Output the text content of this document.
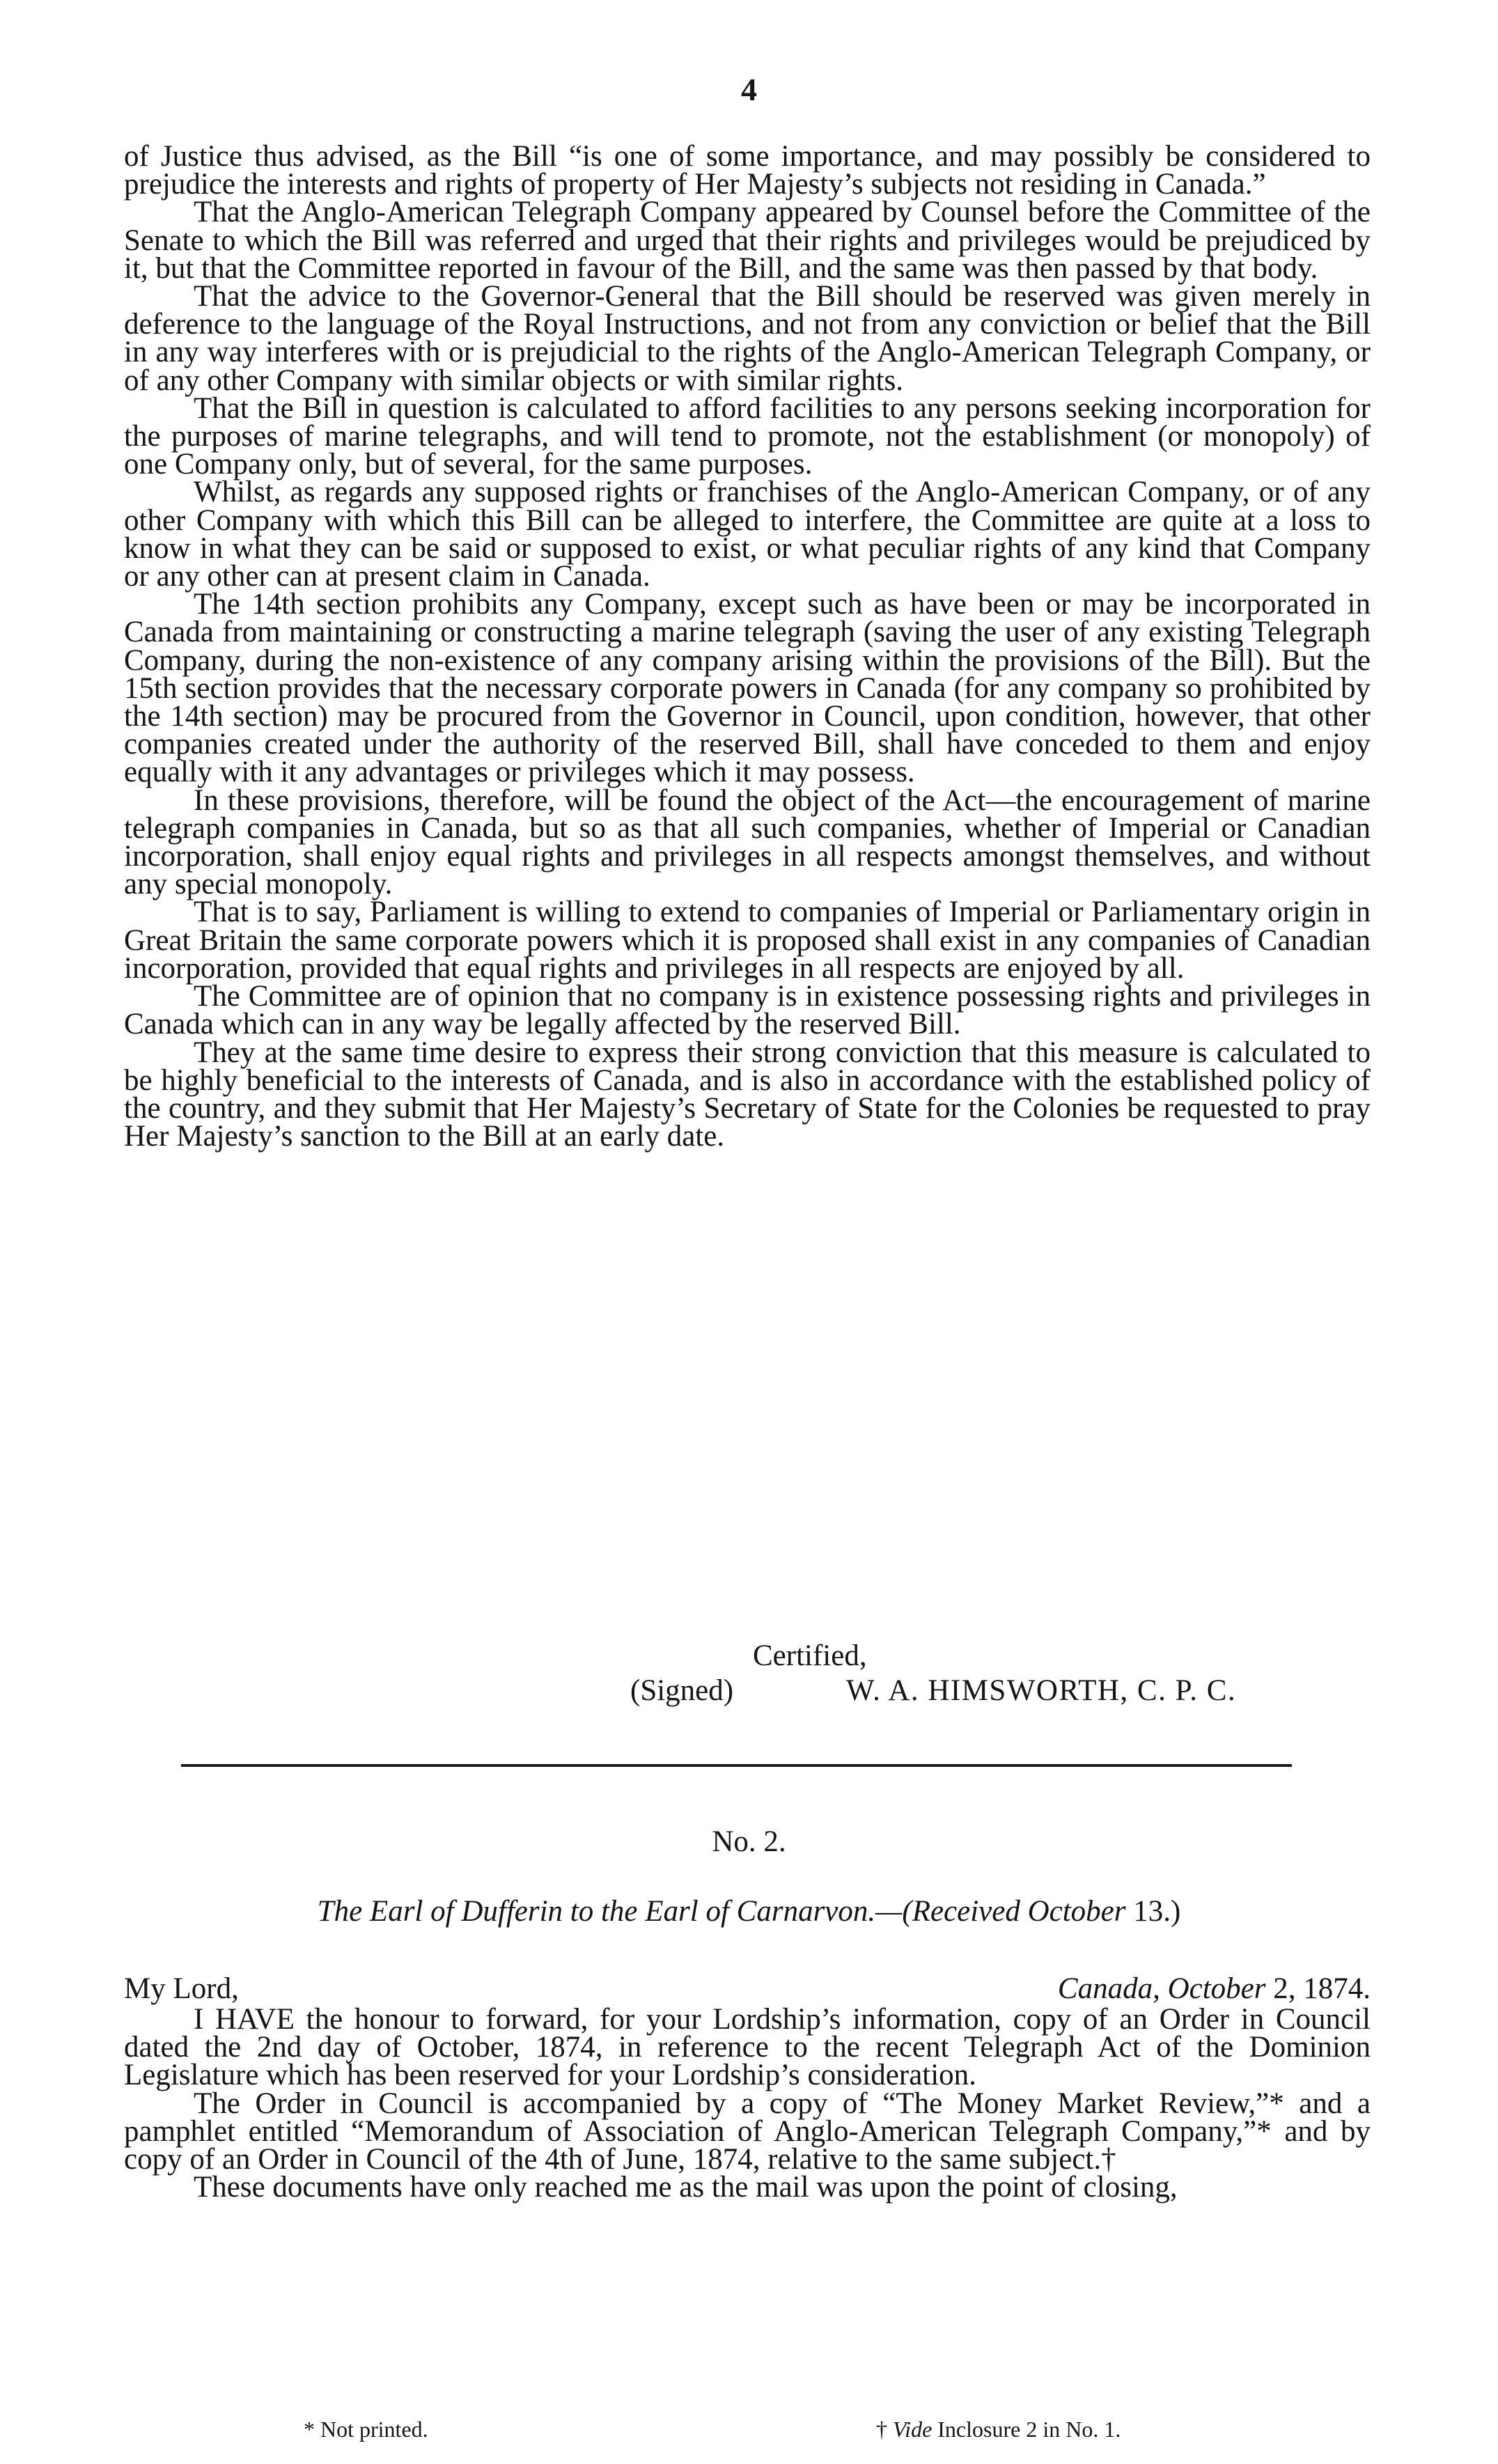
4

of Justice thus advised, as the Bill “is one of some importance, and may possibly be considered to prejudice the interests and rights of property of Her Majesty’s subjects not residing in Canada.”

That the Anglo-American Telegraph Company appeared by Counsel before the Committee of the Senate to which the Bill was referred and urged that their rights and privileges would be prejudiced by it, but that the Committee reported in favour of the Bill, and the same was then passed by that body.

That the advice to the Governor-General that the Bill should be reserved was given merely in deference to the language of the Royal Instructions, and not from any conviction or belief that the Bill in any way interferes with or is prejudicial to the rights of the Anglo-American Telegraph Company, or of any other Company with similar objects or with similar rights.

That the Bill in question is calculated to afford facilities to any persons seeking incorporation for the purposes of marine telegraphs, and will tend to promote, not the establishment (or monopoly) of one Company only, but of several, for the same purposes.

Whilst, as regards any supposed rights or franchises of the Anglo-American Company, or of any other Company with which this Bill can be alleged to interfere, the Committee are quite at a loss to know in what they can be said or supposed to exist, or what peculiar rights of any kind that Company or any other can at present claim in Canada.

The 14th section prohibits any Company, except such as have been or may be incorporated in Canada from maintaining or constructing a marine telegraph (saving the user of any existing Telegraph Company, during the non-existence of any company arising within the provisions of the Bill). But the 15th section provides that the necessary corporate powers in Canada (for any company so prohibited by the 14th section) may be procured from the Governor in Council, upon condition, however, that other companies created under the authority of the reserved Bill, shall have conceded to them and enjoy equally with it any advantages or privileges which it may possess.

In these provisions, therefore, will be found the object of the Act—the encouragement of marine telegraph companies in Canada, but so as that all such companies, whether of Imperial or Canadian incorporation, shall enjoy equal rights and privileges in all respects amongst themselves, and without any special monopoly.

That is to say, Parliament is willing to extend to companies of Imperial or Parliamentary origin in Great Britain the same corporate powers which it is proposed shall exist in any companies of Canadian incorporation, provided that equal rights and privileges in all respects are enjoyed by all.

The Committee are of opinion that no company is in existence possessing rights and privileges in Canada which can in any way be legally affected by the reserved Bill.

They at the same time desire to express their strong conviction that this measure is calculated to be highly beneficial to the interests of Canada, and is also in accordance with the established policy of the country, and they submit that Her Majesty’s Secretary of State for the Colonies be requested to pray Her Majesty’s sanction to the Bill at an early date.

Certified,
(Signed)	W. A. HIMSWORTH, C. P. C.
No. 2.
The Earl of Dufferin to the Earl of Carnarvon.—(Received October 13.)
My Lord,	Canada, October 2, 1874.

I HAVE the honour to forward, for your Lordship’s information, copy of an Order in Council dated the 2nd day of October, 1874, in reference to the recent Telegraph Act of the Dominion Legislature which has been reserved for your Lordship’s consideration.

The Order in Council is accompanied by a copy of “The Money Market Review,”* and a pamphlet entitled “Memorandum of Association of Anglo-American Telegraph Company,”* and by copy of an Order in Council of the 4th of June, 1874, relative to the same subject.†

These documents have only reached me as the mail was upon the point of closing,

* Not printed.	† Vide Inclosure 2 in No. 1.
